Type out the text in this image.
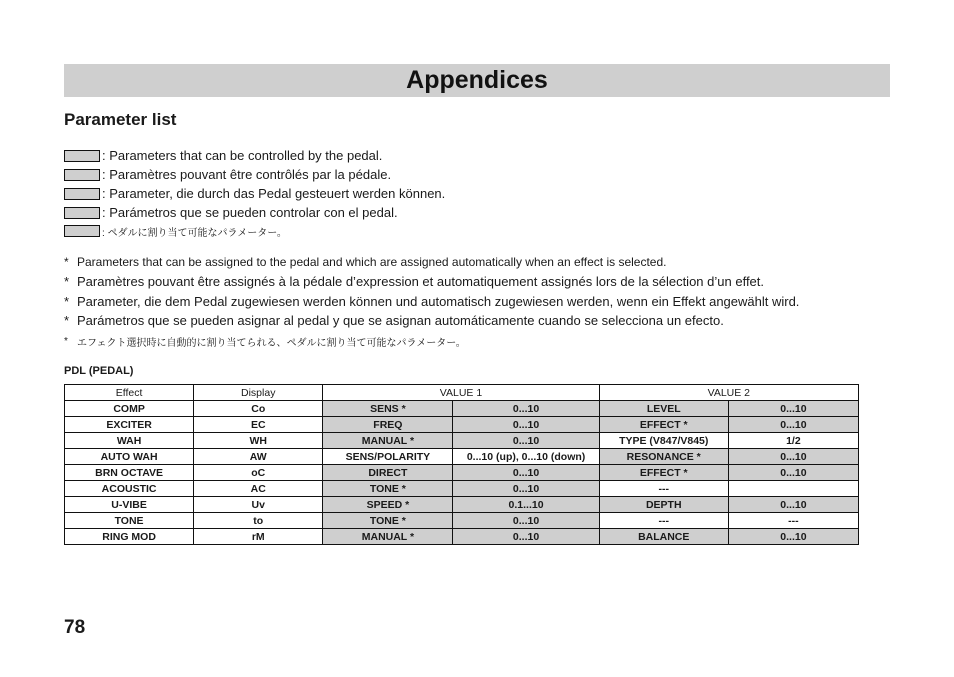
Appendices
Parameter list
: Parameters that can be controlled by the pedal.
: Paramètres pouvant être contrôlés par la pédale.
: Parameter, die durch das Pedal gesteuert werden können.
: Parámetros que se pueden controlar con el pedal.
: ペダルに割り当て可能なパラメーター。
* Parameters that can be assigned to the pedal and which are assigned automatically when an effect is selected.
* Paramètres pouvant être assignés à la pédale d’expression et automatiquement assignés lors de la sélection d’un effet.
* Parameter, die dem Pedal zugewiesen werden können und automatisch zugewiesen werden, wenn ein Effekt angewählt wird.
* Parámetros que se pueden asignar al pedal y que se asignan automáticamente cuando se selecciona un efecto.
* エフェクト選択時に自動的に割り当てられる、ペダルに割り当て可能なパラメーター。
PDL (PEDAL)
Effect	Display	VALUE 1		VALUE 2	
COMP	Co	SENS *	0...10	LEVEL	0...10
EXCITER	EC	FREQ	0...10	EFFECT *	0...10
WAH	WH	MANUAL *	0...10	TYPE (V847/V845)	1/2
AUTO WAH	AW	SENS/POLARITY	0...10 (up), 0...10 (down)	RESONANCE *	0...10
BRN OCTAVE	oC	DIRECT	0...10	EFFECT *	0...10
ACOUSTIC	AC	TONE *	0...10	---	
U-VIBE	Uv	SPEED *	0.1...10	DEPTH	0...10
TONE	to	TONE *	0...10	---	---
RING MOD	rM	MANUAL *	0...10	BALANCE	0...10
78
